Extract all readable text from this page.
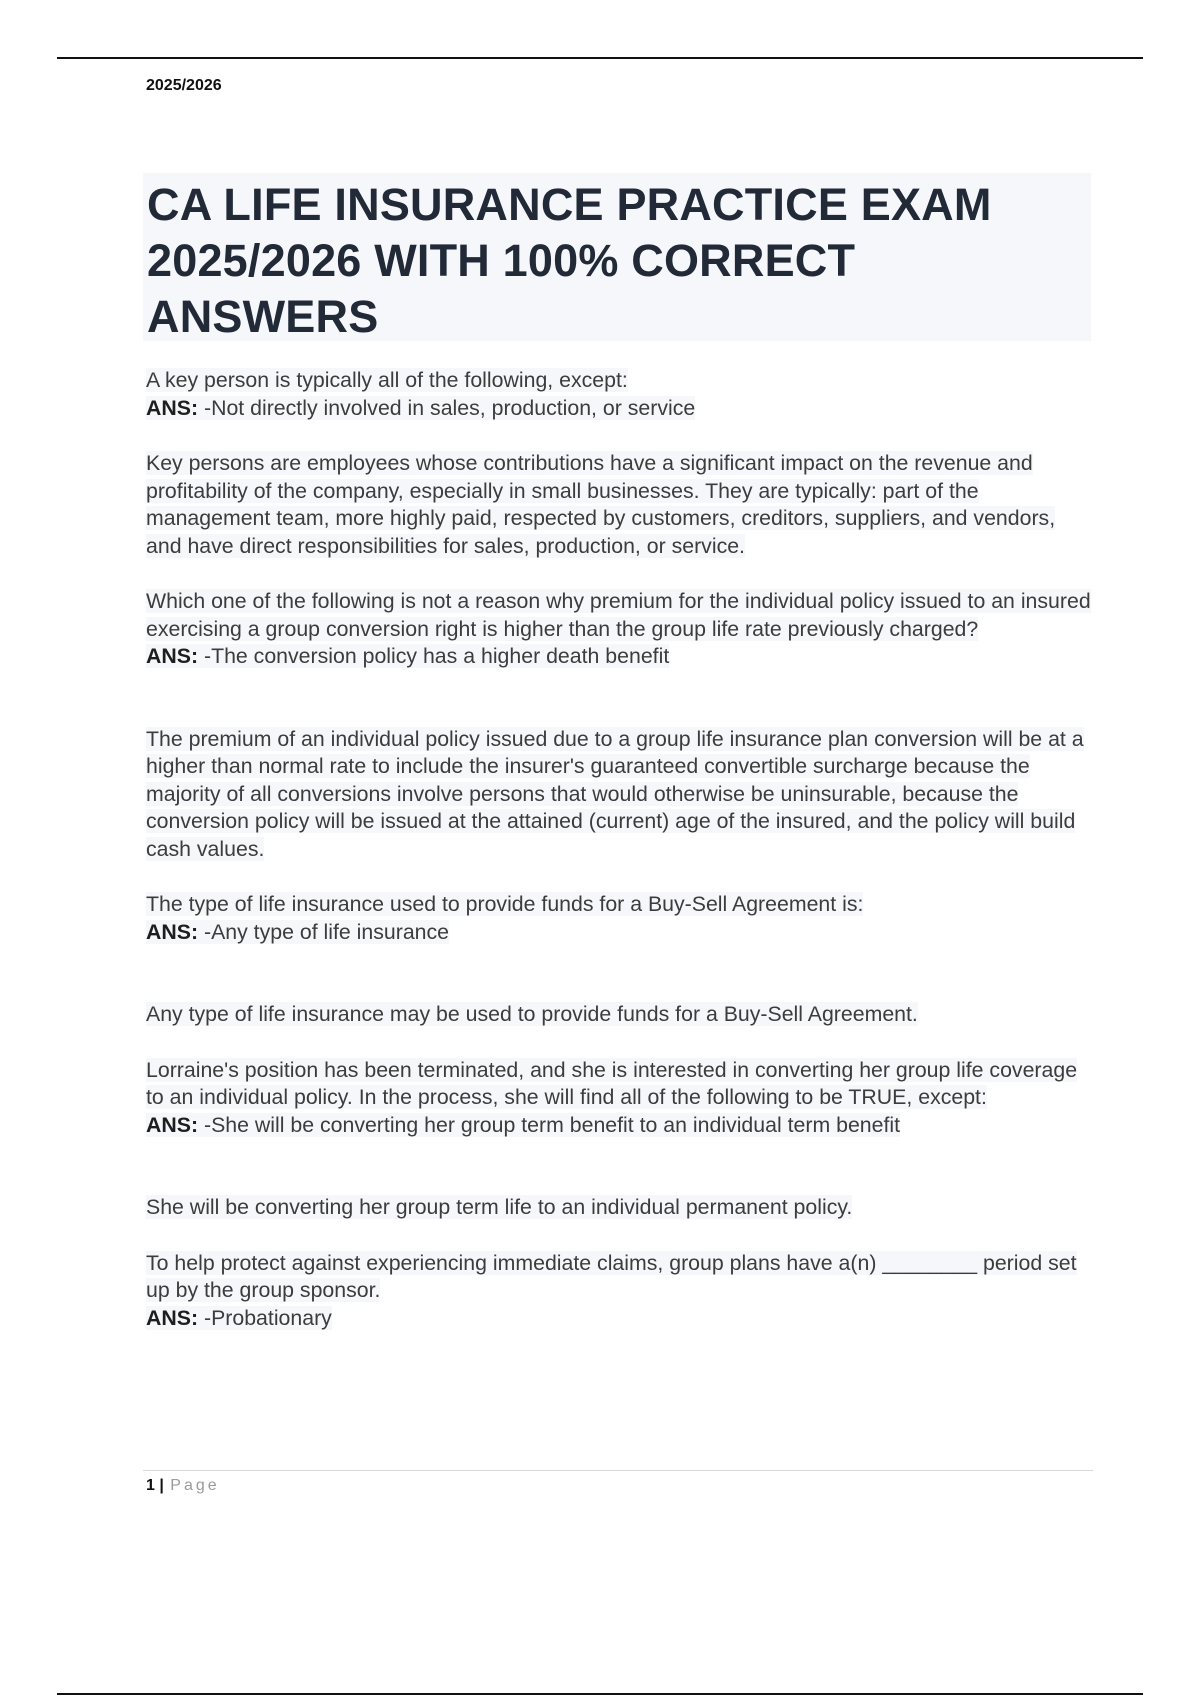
2025/2026
CA LIFE INSURANCE PRACTICE EXAM 2025/2026 WITH 100% CORRECT ANSWERS

A key person is typically all of the following, except:

ANS: -Not directly involved in sales, production, or service

Key persons are employees whose contributions have a significant impact on the revenue and profitability of the company, especially in small businesses. They are typically: part of the management team, more highly paid, respected by customers, creditors, suppliers, and vendors, and have direct responsibilities for sales, production, or service.

Which one of the following is not a reason why premium for the individual policy issued to an insured exercising a group conversion right is higher than the group life rate previously charged?

ANS: -The conversion policy has a higher death benefit

The premium of an individual policy issued due to a group life insurance plan conversion will be at a higher than normal rate to include the insurer's guaranteed convertible surcharge because the majority of all conversions involve persons that would otherwise be uninsurable, because the conversion policy will be issued at the attained (current) age of the insured, and the policy will build cash values.

The type of life insurance used to provide funds for a Buy-Sell Agreement is:

ANS: -Any type of life insurance

Any type of life insurance may be used to provide funds for a Buy-Sell Agreement.

Lorraine's position has been terminated, and she is interested in converting her group life coverage to an individual policy. In the process, she will find all of the following to be TRUE, except:

ANS: -She will be converting her group term benefit to an individual term benefit

She will be converting her group term life to an individual permanent policy.

To help protect against experiencing immediate claims, group plans have a(n) ________ period set up by the group sponsor.

ANS: -Probationary

1 | Page
